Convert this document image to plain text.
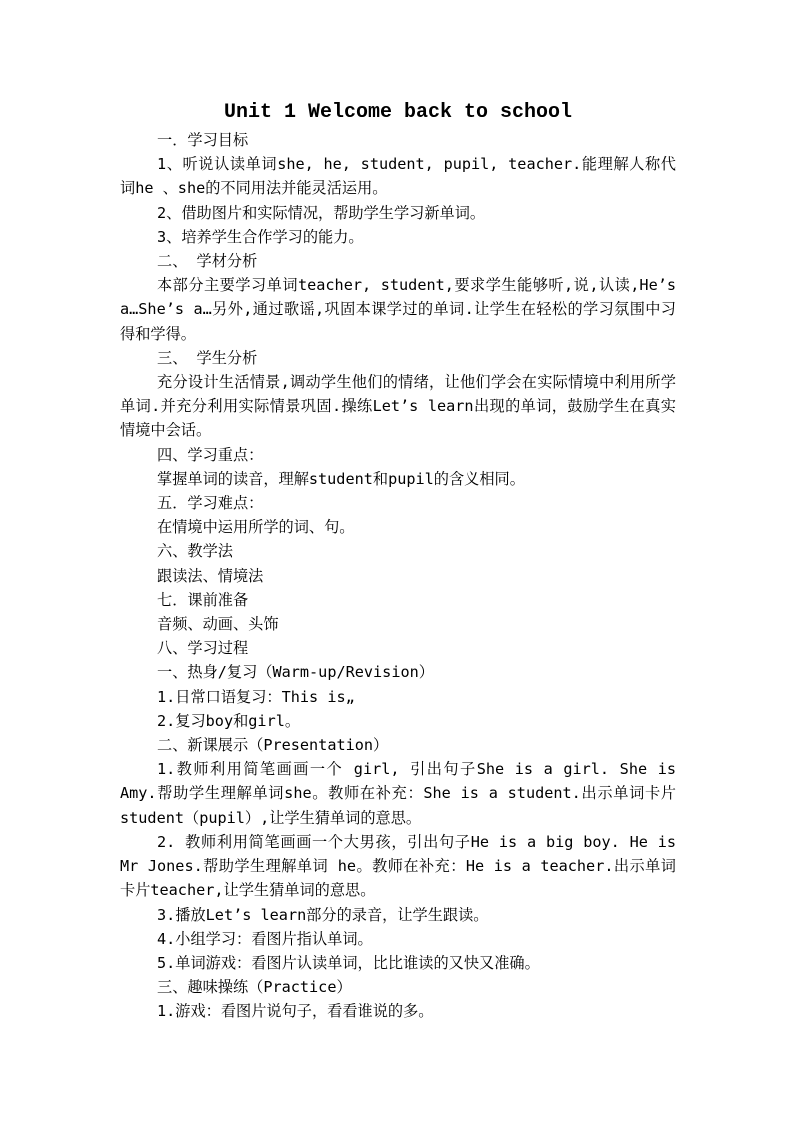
Unit 1 Welcome back to school
一．学习目标
1、听说认读单词she, he, student, pupil, teacher.能理解人称代词he 、she的不同用法并能灵活运用。
2、借助图片和实际情况，帮助学生学习新单词。
3、培养学生合作学习的能力。
二、 学材分析
本部分主要学习单词teacher, student,要求学生能够听,说,认读,He’s a…She’s a…另外,通过歌谣,巩固本课学过的单词.让学生在轻松的学习氛围中习得和学得。
三、 学生分析
充分设计生活情景,调动学生他们的情绪，让他们学会在实际情境中利用所学单词.并充分利用实际情景巩固.操练Let’s learn出现的单词，鼓励学生在真实情境中会话。
四、学习重点：
掌握单词的读音，理解student和pupil的含义相同。
五．学习难点：
在情境中运用所学的词、句。
六、教学法
跟读法、情境法
七．课前准备
音频、动画、头饰
八、学习过程
一、热身/复习（Warm-up/Revision）
1.日常口语复习：This is„
2.复习boy和girl。
二、新课展示（Presentation）
1.教师利用简笔画画一个 girl, 引出句子She is a girl. She is Amy.帮助学生理解单词she。教师在补充：She is a student.出示单词卡片student（pupil）,让学生猜单词的意思。
2. 教师利用简笔画画一个大男孩，引出句子He is a big boy. He is Mr Jones.帮助学生理解单词 he。教师在补充：He is a teacher.出示单词卡片teacher,让学生猜单词的意思。
3.播放Let’s learn部分的录音，让学生跟读。
4.小组学习：看图片指认单词。
5.单词游戏：看图片认读单词，比比谁读的又快又准确。
三、趣味操练（Practice）
1.游戏：看图片说句子，看看谁说的多。
